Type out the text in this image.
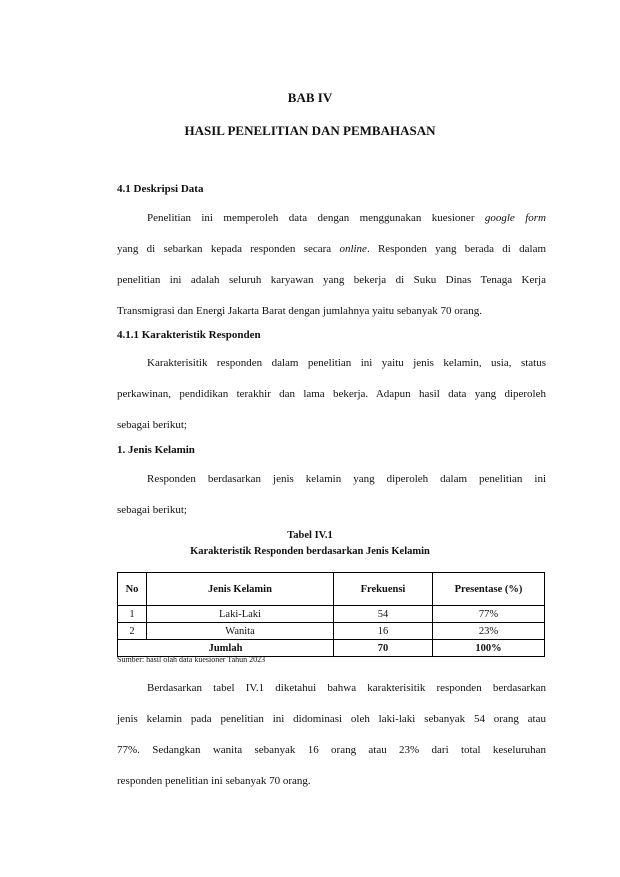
BAB IV
HASIL PENELITIAN DAN PEMBAHASAN
4.1 Deskripsi Data

Penelitian ini memperoleh data dengan menggunakan kuesioner google form

yang di sebarkan kepada responden secara online. Responden yang berada di dalam

penelitian ini adalah seluruh karyawan yang bekerja di Suku Dinas Tenaga Kerja

Transmigrasi dan Energi Jakarta Barat dengan jumlahnya yaitu sebanyak 70 orang.

4.1.1 Karakteristik Responden

Karakterisitik responden dalam penelitian ini yaitu jenis kelamin, usia, status

perkawinan, pendidikan terakhir dan lama bekerja. Adapun hasil data yang diperoleh

sebagai berikut;

1. Jenis Kelamin

Responden berdasarkan jenis kelamin yang diperoleh dalam penelitian ini

sebagai berikut;

Tabel IV.1
Karakteristik Responden berdasarkan Jenis Kelamin
No	Jenis Kelamin	Frekuensi	Presentase (%)
1	Laki-Laki	54	77%
2	Wanita	16	23%
Jumlah		70	100%
Sumber: hasil olah data kuesioner Tahun 2023

Berdasarkan tabel IV.1 diketahui bahwa karakterisitik responden berdasarkan

jenis kelamin pada penelitian ini didominasi oleh laki-laki sebanyak 54 orang atau

77%. Sedangkan wanita sebanyak 16 orang atau 23% dari total keseluruhan

responden penelitian ini sebanyak 70 orang.
